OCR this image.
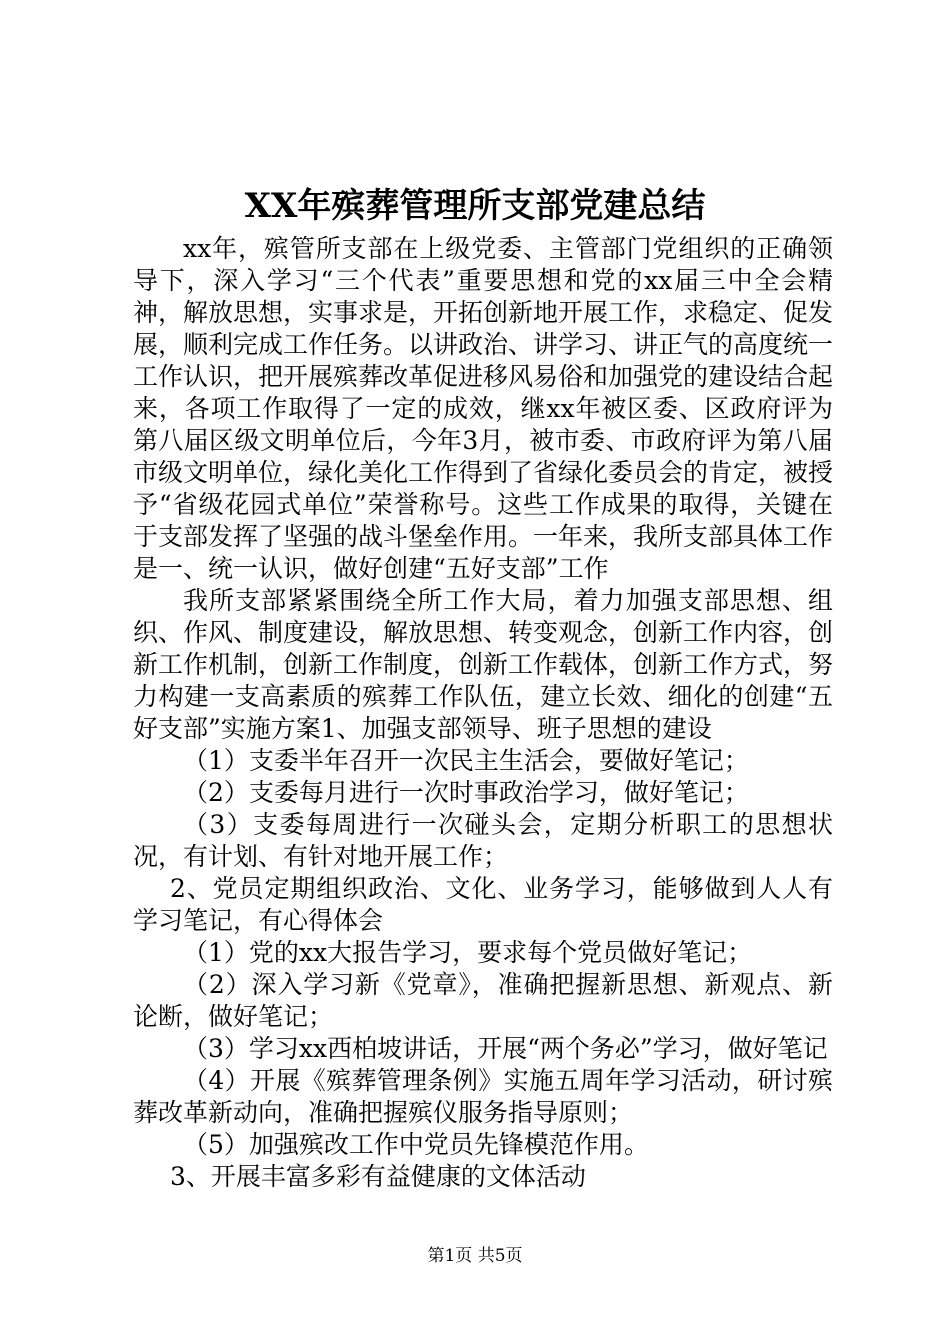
XX年殡葬管理所支部党建总结

xx年，殡管所支部在上级党委、主管部门党组织的正确领导下，深入学习“三个代表”重要思想和党的xx届三中全会精神，解放思想，实事求是，开拓创新地开展工作，求稳定、促发展，顺利完成工作任务。以讲政治、讲学习、讲正气的高度统一工作认识，把开展殡葬改革促进移风易俗和加强党的建设结合起来，各项工作取得了一定的成效，继xx年被区委、区政府评为第八届区级文明单位后，今年3月，被市委、市政府评为第八届市级文明单位，绿化美化工作得到了省绿化委员会的肯定，被授予“省级花园式单位”荣誉称号。这些工作成果的取得，关键在于支部发挥了坚强的战斗堡垒作用。一年来，我所支部具体工作是一、统一认识，做好创建“五好支部”工作

我所支部紧紧围绕全所工作大局，着力加强支部思想、组织、作风、制度建设，解放思想、转变观念，创新工作内容，创新工作机制，创新工作制度，创新工作载体，创新工作方式，努力构建一支高素质的殡葬工作队伍，建立长效、细化的创建“五好支部”实施方案1、加强支部领导、班子思想的建设

（1）支委半年召开一次民主生活会，要做好笔记；

（2）支委每月进行一次时事政治学习，做好笔记；

（3）支委每周进行一次碰头会，定期分析职工的思想状况，有计划、有针对地开展工作；

2、党员定期组织政治、文化、业务学习，能够做到人人有学习笔记，有心得体会

（1）党的xx大报告学习，要求每个党员做好笔记；

（2）深入学习新《党章》，准确把握新思想、新观点、新论断，做好笔记；

（3）学习xx西柏坡讲话，开展“两个务必”学习，做好笔记

（4）开展《殡葬管理条例》实施五周年学习活动，研讨殡葬改革新动向，准确把握殡仪服务指导原则；

（5）加强殡改工作中党员先锋模范作用。

3、开展丰富多彩有益健康的文体活动

第1页 共5页
